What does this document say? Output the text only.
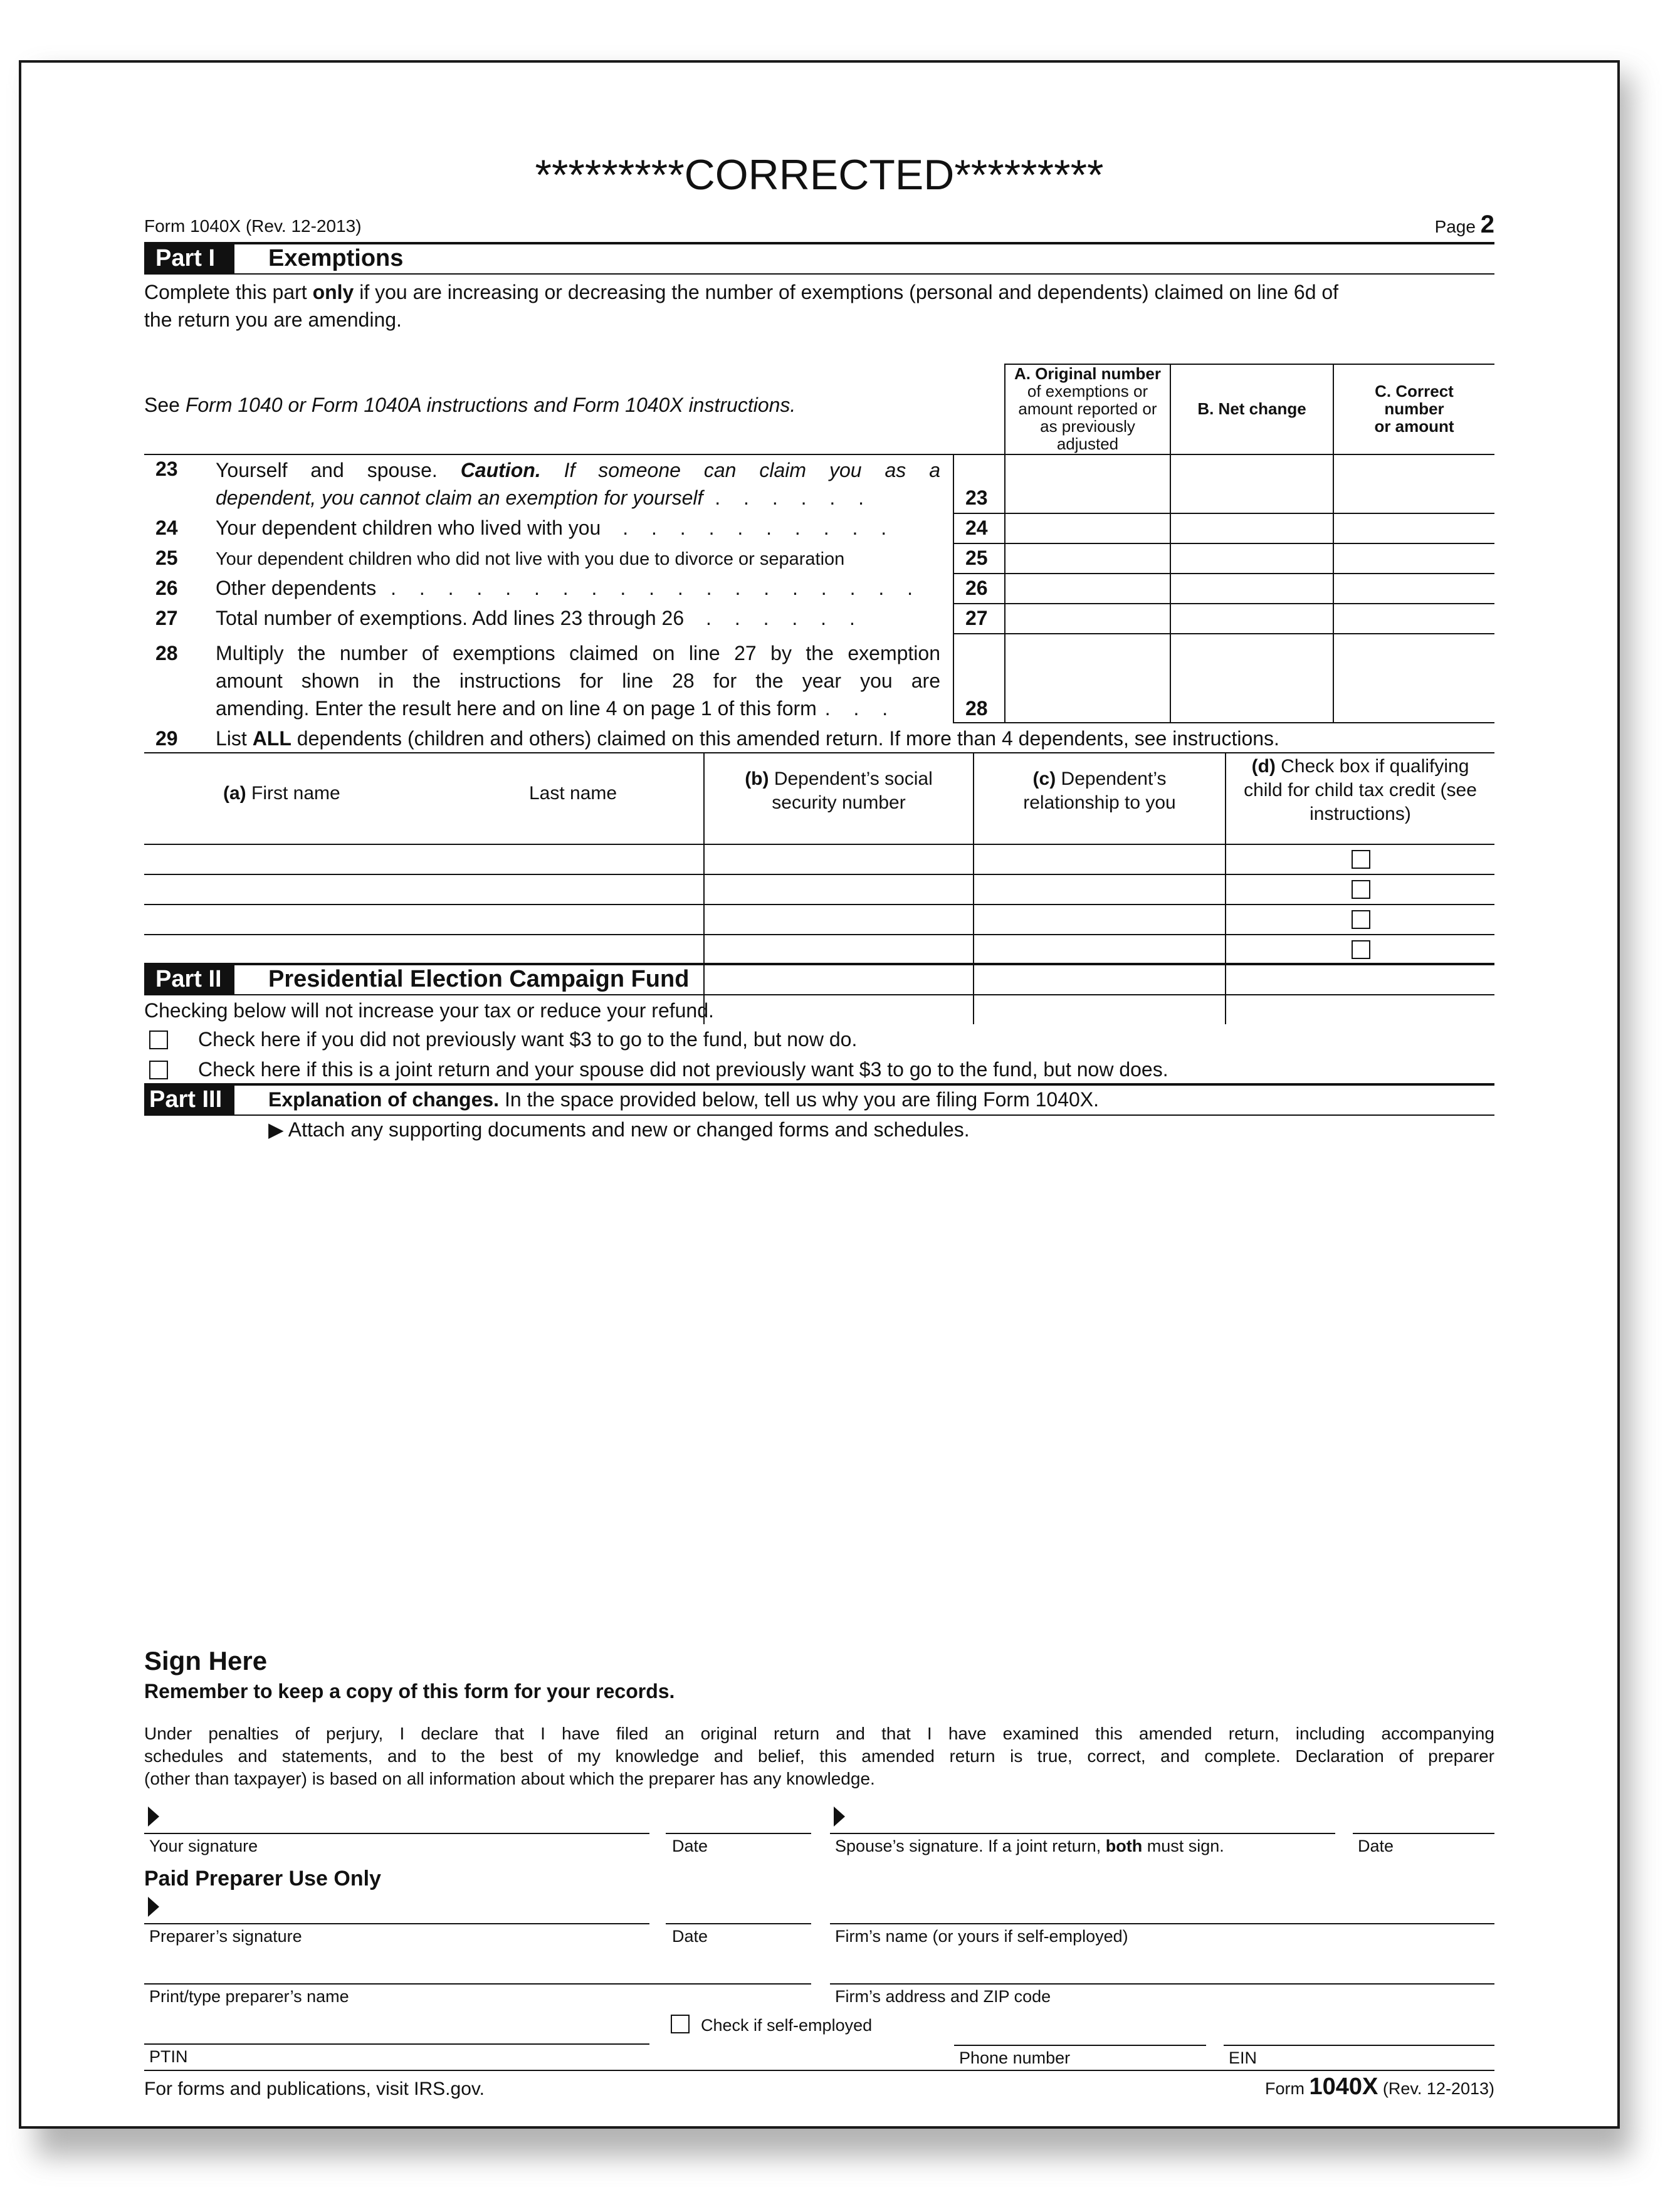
*********CORRECTED*********
Form 1040X (Rev. 12-2013)	Page 2
Part I	Exemptions
Complete this part only if you are increasing or decreasing the number of exemptions (personal and dependents) claimed on line 6d of
the return you are amending.
A. Original number
of exemptions or
amount reported or
as previously
adjusted
B. Net change
C. Correct
number
or amount
See Form 1040 or Form 1040A instructions and Form 1040X instructions.
23 Yourself and spouse. Caution. If someone can claim you as a
dependent, you cannot claim an exemption for yourself . . . . . .	23
24 Your dependent children who lived with you . . . . . . . . . .	24
25 Your dependent children who did not live with you due to divorce or separation	25
26 Other dependents . . . . . . . . . . . . . . . . . . . 26
27 Total number of exemptions. Add lines 23 through 26 . . . . . .	27
28 Multiply the number of exemptions claimed on line 27 by the exemption
amount shown in the instructions for line 28 for the year you are
amending. Enter the result here and on line 4 on page 1 of this form . . .	28
29 List ALL dependents (children and others) claimed on this amended return. If more than 4 dependents, see instructions.
(a) First name	Last name
(b) Dependent’s social
security number
(c) Dependent’s
relationship to you
(d) Check box if qualifying
child for child tax credit (see
instructions)
Part II	Presidential Election Campaign Fund
Checking below will not increase your tax or reduce your refund.
Check here if you did not previously want $3 to go to the fund, but now do.
Check here if this is a joint return and your spouse did not previously want $3 to go to the fund, but now does.
Part III	Explanation of changes. In the space provided below, tell us why you are filing Form 1040X.
▶ Attach any supporting documents and new or changed forms and schedules.
Sign Here
Remember to keep a copy of this form for your records.
Under penalties of perjury, I declare that I have filed an original return and that I have examined this amended return, including accompanying
schedules and statements, and to the best of my knowledge and belief, this amended return is true, correct, and complete. Declaration of preparer
(other than taxpayer) is based on all information about which the preparer has any knowledge.
Your signature	Date	Spouse’s signature. If a joint return, both must sign.	Date
Paid Preparer Use Only
Preparer’s signature	Date	Firm’s name (or yours if self-employed)
Print/type preparer’s name	Firm’s address and ZIP code
PTIN
Check if self-employed
Phone number	EIN
For forms and publications, visit IRS.gov.	Form 1040X (Rev. 12-2013)
